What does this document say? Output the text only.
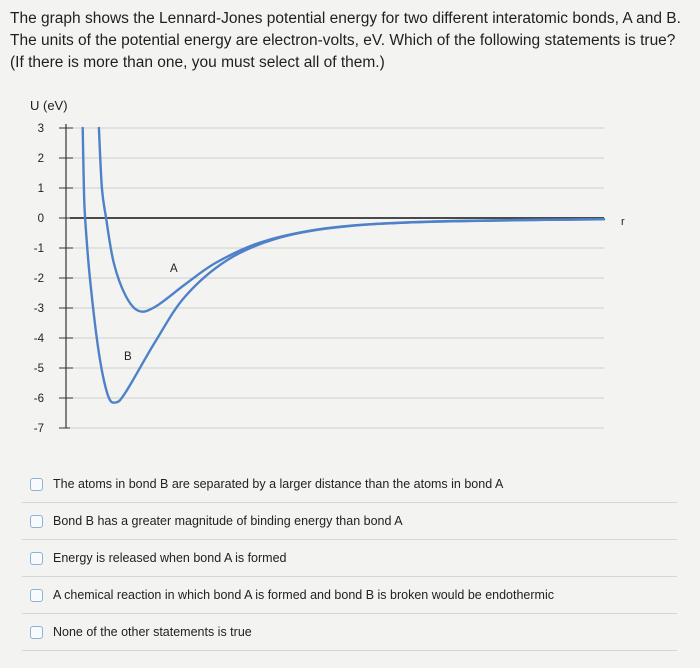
The graph shows the Lennard-Jones potential energy for two different interatomic bonds, A and B.
The units of the potential energy are electron-volts, eV. Which of the following statements is true?
(If there is more than one, you must select all of them.)
U (eV)
3
2
1
0
-1
-2
-3
-4
-5
-6
-7
r
A
B
The atoms in bond B are separated by a larger distance than the atoms in bond A
Bond B has a greater magnitude of binding energy than bond A
Energy is released when bond A is formed
A chemical reaction in which bond A is formed and bond B is broken would be endothermic
None of the other statements is true
